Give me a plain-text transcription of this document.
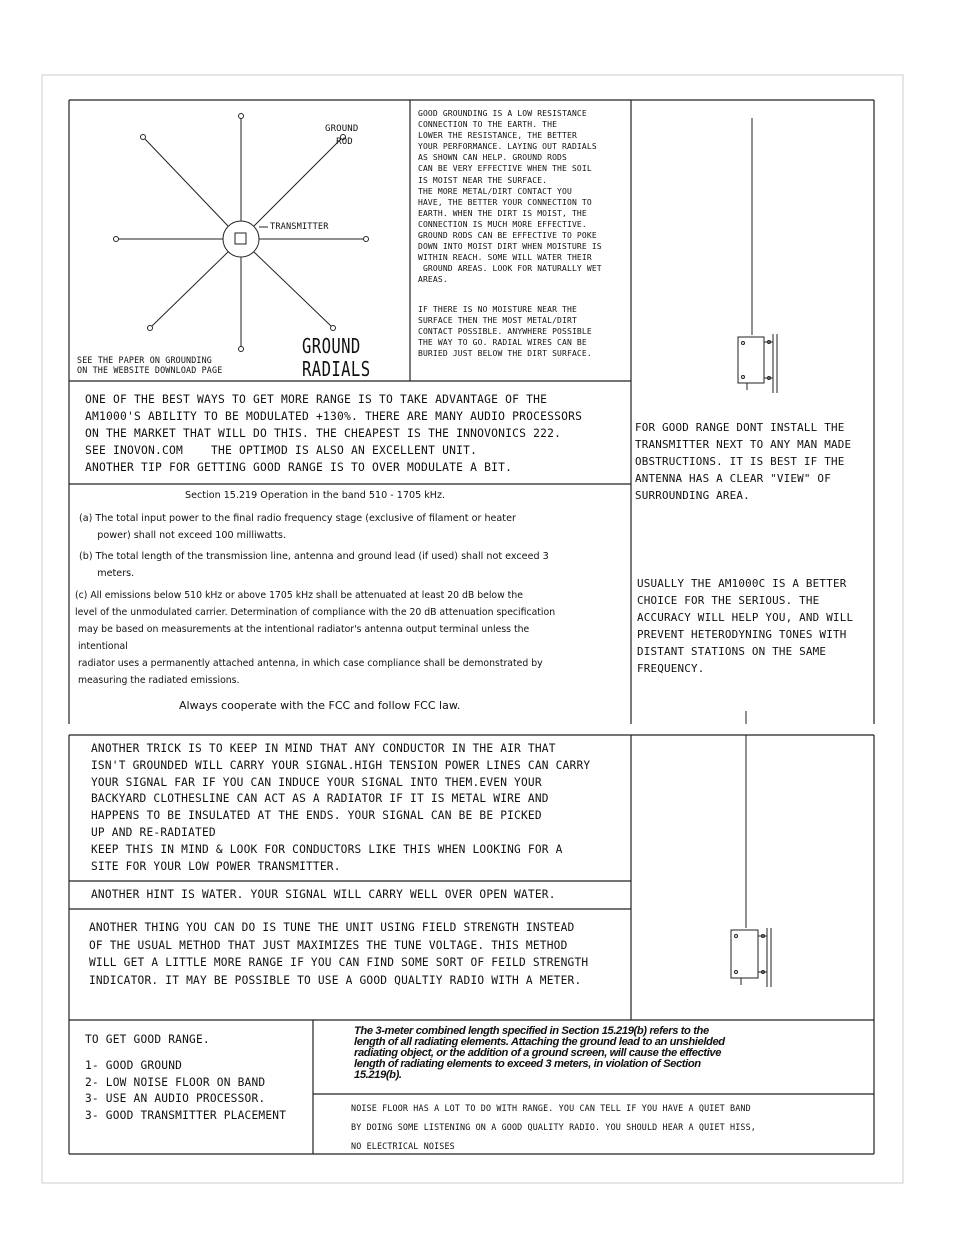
GROUND
ROD
TRANSMITTER
SEE THE PAPER ON GROUNDING
ON THE WEBSITE DOWNLOAD PAGE
GROUND
RADIALS
GOOD GROUNDING IS A LOW RESISTANCE
CONNECTION TO THE EARTH. THE
LOWER THE RESISTANCE, THE BETTER
YOUR PERFORMANCE. LAYING OUT RADIALS
AS SHOWN CAN HELP. GROUND RODS
CAN BE VERY EFFECTIVE WHEN THE SOIL
IS MOIST NEAR THE SURFACE.
THE MORE METAL/DIRT CONTACT YOU
HAVE, THE BETTER YOUR CONNECTION TO
EARTH. WHEN THE DIRT IS MOIST, THE
CONNECTION IS MUCH MORE EFFECTIVE.
GROUND RODS CAN BE EFFECTIVE TO POKE
DOWN INTO MOIST DIRT WHEN MOISTURE IS
WITHIN REACH. SOME WILL WATER THEIR
GROUND AREAS. LOOK FOR NATURALLY WET
AREAS.
IF THERE IS NO MOISTURE NEAR THE
SURFACE THEN THE MOST METAL/DIRT
CONTACT POSSIBLE. ANYWHERE POSSIBLE
THE WAY TO GO. RADIAL WIRES CAN BE
BURIED JUST BELOW THE DIRT SURFACE.
ONE OF THE BEST WAYS TO GET MORE RANGE IS TO TAKE ADVANTAGE OF THE
AM1000'S ABILITY TO BE MODULATED +130%. THERE ARE MANY AUDIO PROCESSORS
ON THE MARKET THAT WILL DO THIS. THE CHEAPEST IS THE INNOVONICS 222.
SEE INOVON.COM    THE OPTIMOD IS ALSO AN EXCELLENT UNIT.
ANOTHER TIP FOR GETTING GOOD RANGE IS TO OVER MODULATE A BIT.
Section 15.219 Operation in the band 510 - 1705 kHz.
(a) The total input power to the final radio frequency stage (exclusive of filament or heater
power) shall not exceed 100 milliwatts.
(b) The total length of the transmission line, antenna and ground lead (if used) shall not exceed 3
meters.
(c) All emissions below 510 kHz or above 1705 kHz shall be attenuated at least 20 dB below the
level of the unmodulated carrier. Determination of compliance with the 20 dB attenuation specification
may be based on measurements at the intentional radiator's antenna output terminal unless the
intentional
radiator uses a permanently attached antenna, in which case compliance shall be demonstrated by
measuring the radiated emissions.
Always cooperate with the FCC and follow FCC law.
FOR GOOD RANGE DONT INSTALL THE
TRANSMITTER NEXT TO ANY MAN MADE
OBSTRUCTIONS. IT IS BEST IF THE
ANTENNA HAS A CLEAR "VIEW" OF
SURROUNDING AREA.
USUALLY THE AM1000C IS A BETTER
CHOICE FOR THE SERIOUS. THE
ACCURACY WILL HELP YOU, AND WILL
PREVENT HETERODYNING TONES WITH
DISTANT STATIONS ON THE SAME
FREQUENCY.
ANOTHER TRICK IS TO KEEP IN MIND THAT ANY CONDUCTOR IN THE AIR THAT
ISN'T GROUNDED WILL CARRY YOUR SIGNAL.HIGH TENSION POWER LINES CAN CARRY
YOUR SIGNAL FAR IF YOU CAN INDUCE YOUR SIGNAL INTO THEM.EVEN YOUR
BACKYARD CLOTHESLINE CAN ACT AS A RADIATOR IF IT IS METAL WIRE AND
HAPPENS TO BE INSULATED AT THE ENDS. YOUR SIGNAL CAN BE BE PICKED
UP AND RE-RADIATED
KEEP THIS IN MIND & LOOK FOR CONDUCTORS LIKE THIS WHEN LOOKING FOR A
SITE FOR YOUR LOW POWER TRANSMITTER.
ANOTHER HINT IS WATER. YOUR SIGNAL WILL CARRY WELL OVER OPEN WATER.
ANOTHER THING YOU CAN DO IS TUNE THE UNIT USING FIELD STRENGTH INSTEAD
OF THE USUAL METHOD THAT JUST MAXIMIZES THE TUNE VOLTAGE. THIS METHOD
WILL GET A LITTLE MORE RANGE IF YOU CAN FIND SOME SORT OF FEILD STRENGTH
INDICATOR. IT MAY BE POSSIBLE TO USE A GOOD QUALTIY RADIO WITH A METER.
TO GET GOOD RANGE.
1- GOOD GROUND
2- LOW NOISE FLOOR ON BAND
3- USE AN AUDIO PROCESSOR.
3- GOOD TRANSMITTER PLACEMENT
The 3-meter combined length specified in Section 15.219(b) refers to the
length of all radiating elements. Attaching the ground lead to an unshielded
radiating object, or the addition of a ground screen, will cause the effective
length of radiating elements to exceed 3 meters, in violation of Section
15.219(b).
NOISE FLOOR HAS A LOT TO DO WITH RANGE. YOU CAN TELL IF YOU HAVE A QUIET BAND
BY DOING SOME LISTENING ON A GOOD QUALITY RADIO. YOU SHOULD HEAR A QUIET HISS,
NO ELECTRICAL NOISES
